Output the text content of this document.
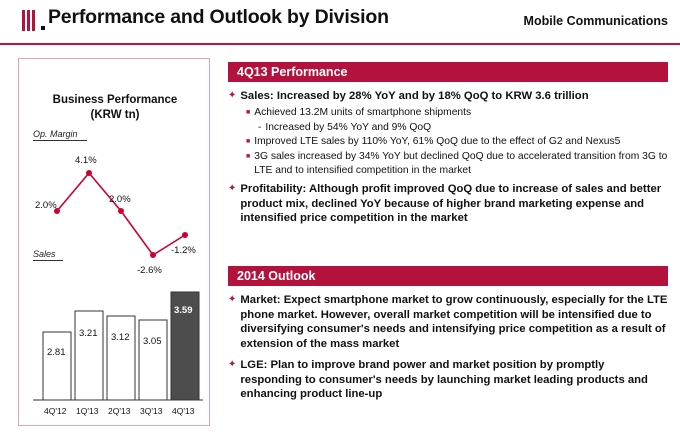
Performance and Outlook by Division	Mobile Communications
Business Performance
(KRW tn)
Op. Margin
Sales
2.0%
4.1%
2.0%
-2.6%
-1.2%
2.81
3.21 3.12 3.05
3.59
4Q'12 1Q'13 2Q'13 3Q'13 4Q'13
4Q13 Performance
✦ Sales: Increased by 28% YoY and by 18% QoQ to KRW 3.6 trillion
■ Achieved 13.2M units of smartphone shipments
- Increased by 54% YoY and 9% QoQ
■ Improved LTE sales by 110% YoY, 61% QoQ due to the effect of G2 and Nexus5
■ 3G sales increased by 34% YoY but declined QoQ due to accelerated transition from 3G to LTE and to intensified competition in the market
✦ Profitability: Although profit improved QoQ due to increase of sales and better product mix, declined YoY because of higher brand marketing expense and intensified price competition in the market
2014 Outlook
✦ Market: Expect smartphone market to grow continuously, especially for the LTE phone market. However, overall market competition will be intensified due to diversifying consumer's needs and intensifying price competition as a result of extension of the mass market
✦ LGE: Plan to improve brand power and market position by promptly responding to consumer's needs by launching market leading products and enhancing product line-up
